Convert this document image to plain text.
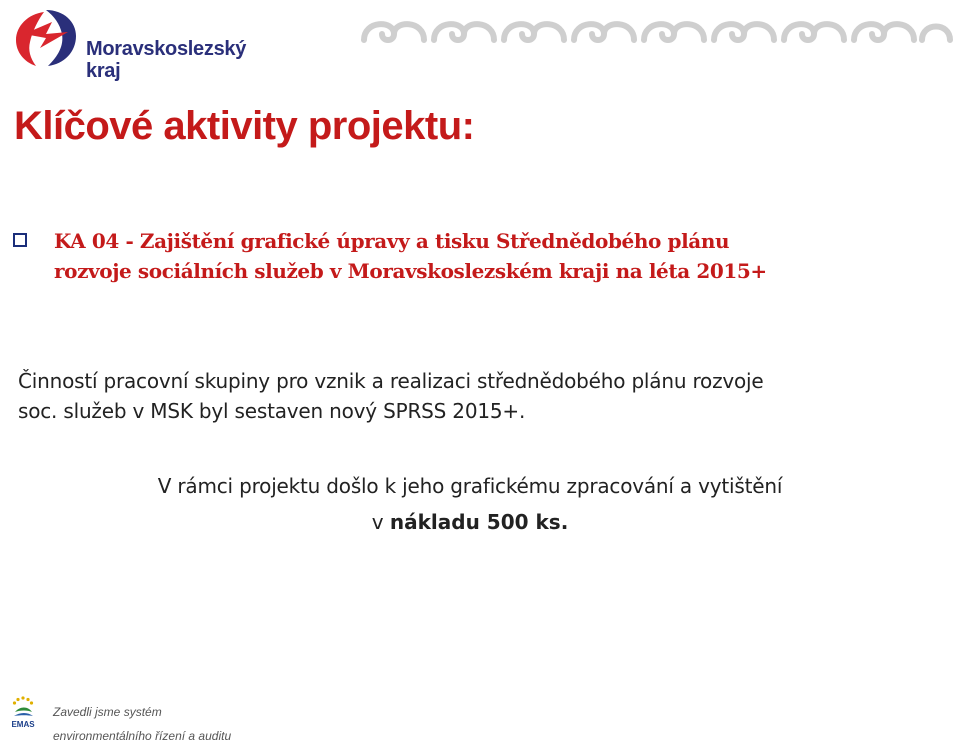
Moravskoslezský
kraj
Klíčové aktivity projektu:
KA 04 - Zajištění grafické úpravy a tisku Střednědobého plánu
rozvoje sociálních služeb v Moravskoslezském kraji na léta 2015+
Činností pracovní skupiny pro vznik a realizaci střednědobého plánu rozvoje
soc. služeb v MSK byl sestaven nový SPRSS 2015+.
V rámci projektu došlo k jeho grafickému zpracování a vytištění
v nákladu 500 ks.
EMAS
Zavedli jsme systém
environmentálního řízení a auditu
